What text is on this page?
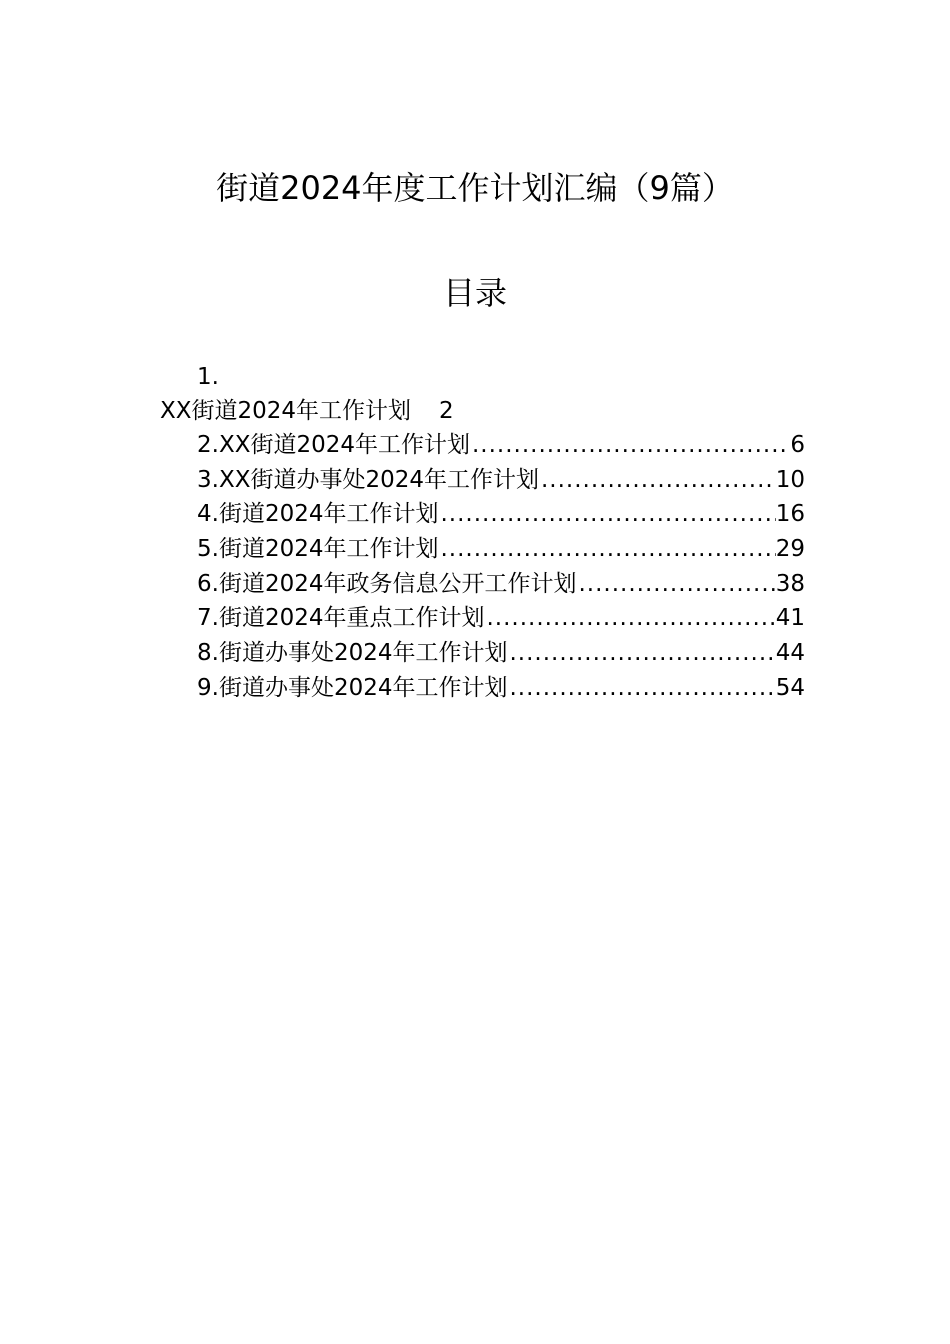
街道2024年度工作计划汇编（9篇）
目录
1.
XX街道2024年工作计划 2
2.XX街道2024年工作计划 .....	6
3.XX街道办事处2024年工作计划 .....	10
4.街道2024年工作计划 .....	16
5.街道2024年工作计划 .....	29
6.街道2024年政务信息公开工作计划 .....	38
7.街道2024年重点工作计划 .....	41
8.街道办事处2024年工作计划 .....	44
9.街道办事处2024年工作计划 .....	54
